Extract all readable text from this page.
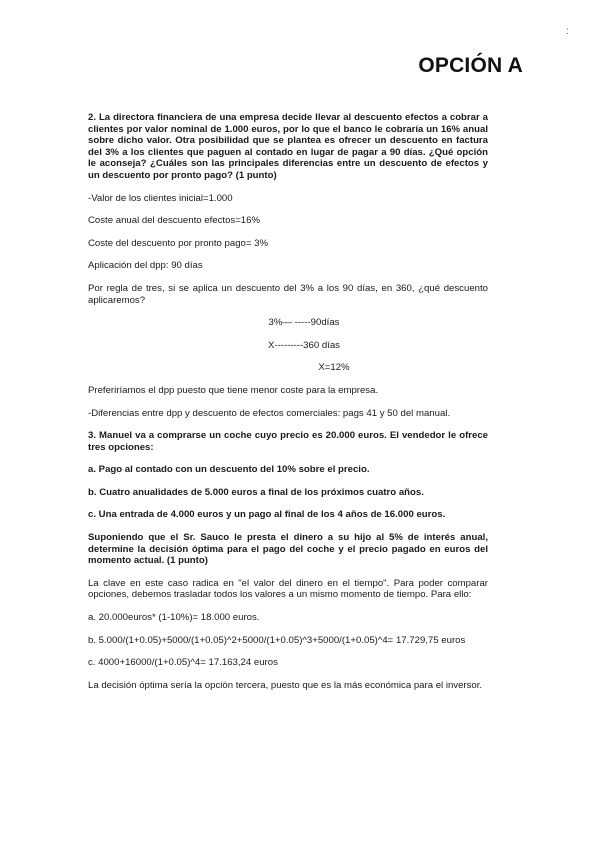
:
OPCIÓN A

2. La directora financiera de una empresa decide llevar al descuento efectos a cobrar a clientes por valor nominal de 1.000 euros, por lo que el banco le cobraría un 16% anual sobre dicho valor. Otra posibilidad que se plantea es ofrecer un descuento en factura del 3% a los clientes que paguen al contado en lugar de pagar a 90 días. ¿Qué opción le aconseja? ¿Cuáles son las principales diferencias entre un descuento de efectos y un descuento por pronto pago? (1 punto)

-Valor de los clientes inicial=1.000

Coste anual del descuento efectos=16%

Coste del descuento por pronto pago= 3%

Aplicación del dpp: 90 días

Por regla de tres, si se aplica un descuento del 3% a los 90 días, en 360, ¿qué descuento aplicaremos?

3%— -----90días

X---------360 días

X=12%

Preferiríamos el dpp puesto que tiene menor coste para la empresa.

-Diferencias entre dpp y descuento de efectos comerciales: pags 41 y 50 del manual.

3. Manuel va a comprarse un coche cuyo precio es 20.000 euros. El vendedor le ofrece tres opciones:

a. Pago al contado con un descuento del 10% sobre el precio.

b. Cuatro anualidades de 5.000 euros a final de los próximos cuatro años.

c. Una entrada de 4.000 euros y un pago al final de los 4 años de 16.000 euros.

Suponiendo que el Sr. Sauco le presta el dinero a su hijo al 5% de interés anual, determine la decisión óptima para el pago del coche y el precio pagado en euros del momento actual. (1 punto)

La clave en este caso radica en "el valor del dinero en el tiempo". Para poder comparar opciones, debemos trasladar todos los valores a un mismo momento de tiempo. Para ello:

a. 20.000euros* (1-10%)= 18.000 euros.

b. 5.000/(1+0.05)+5000/(1+0.05)^2+5000/(1+0.05)^3+5000/(1+0.05)^4= 17.729,75 euros

c. 4000+16000/(1+0.05)^4= 17.163,24 euros

La decisión óptima sería la opción tercera, puesto que es la más económica para el inversor.
